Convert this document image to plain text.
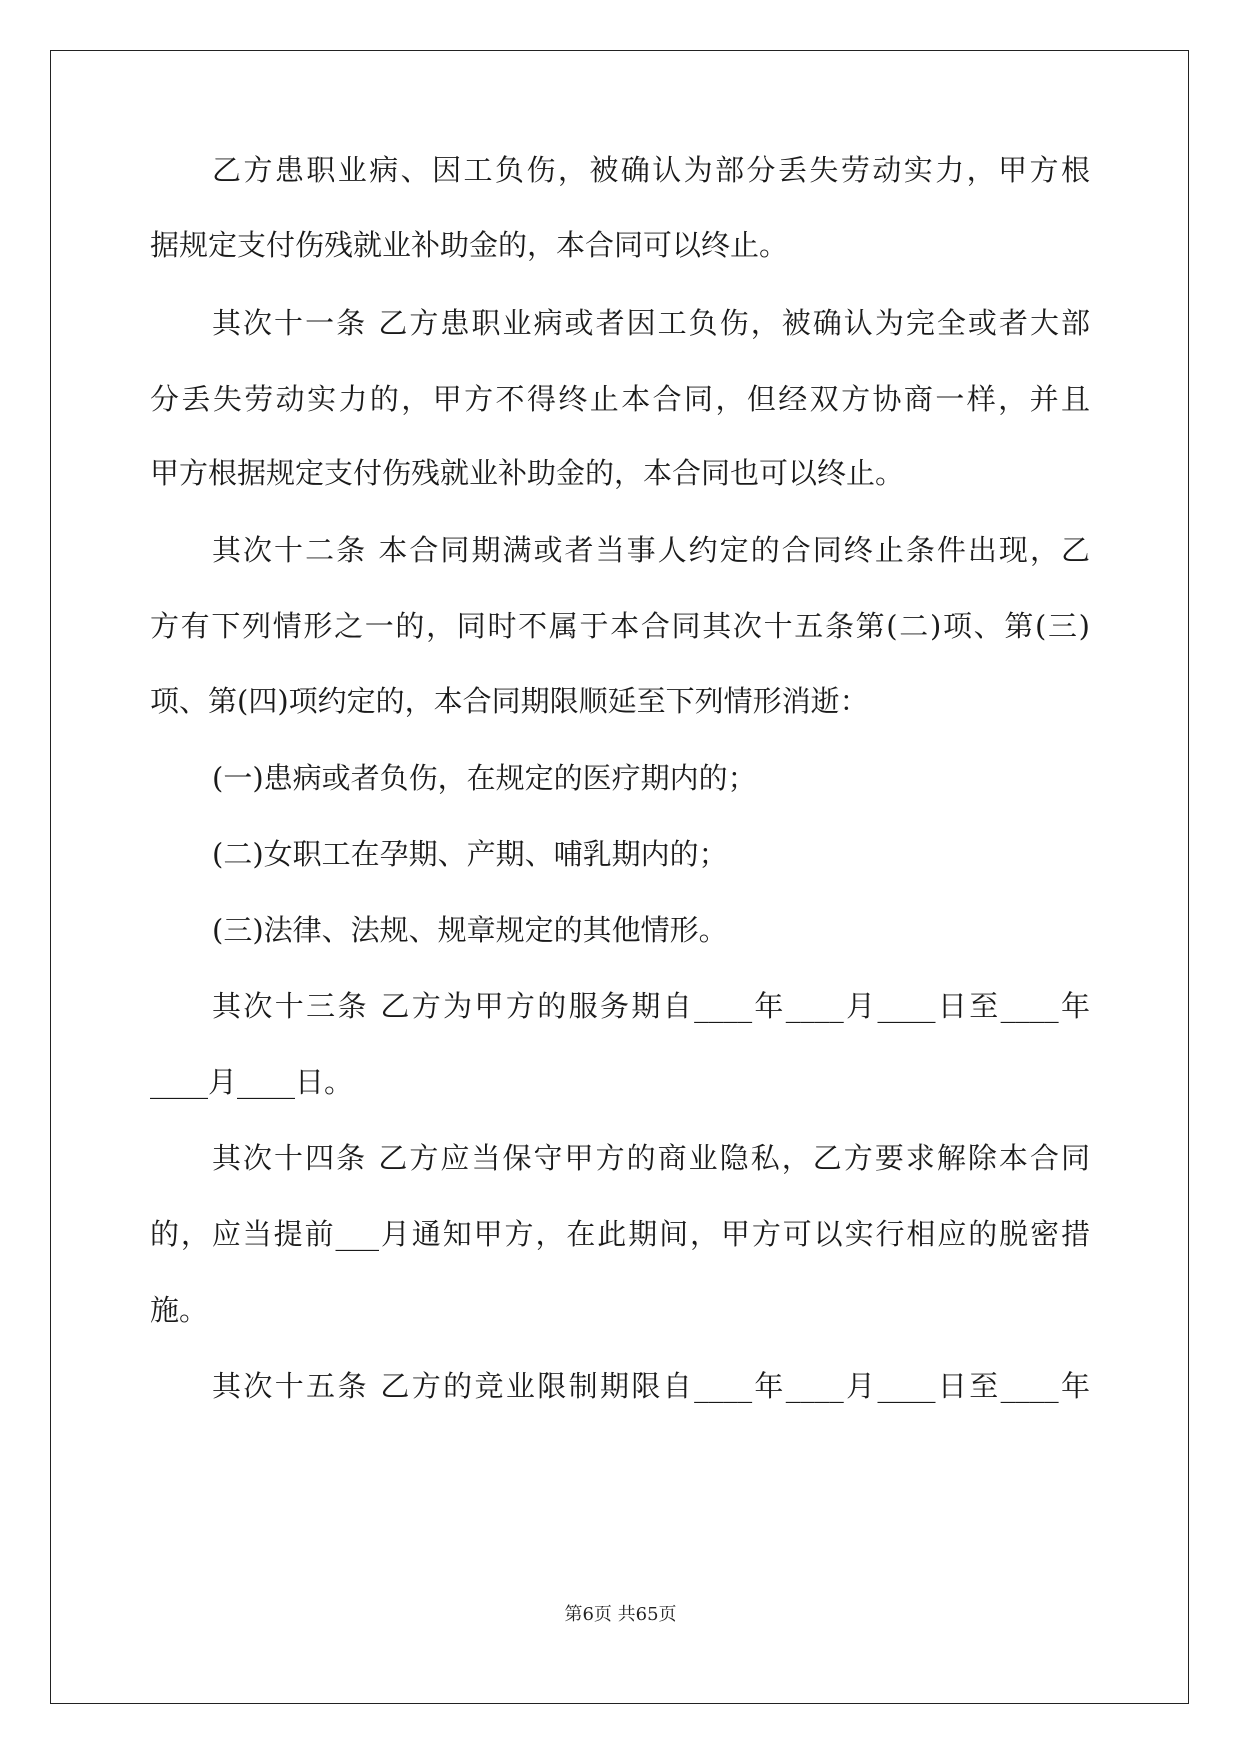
乙方患职业病、因工负伤，被确认为部分丢失劳动实力，甲方根
据规定支付伤残就业补助金的，本合同可以终止。
其次十一条 乙方患职业病或者因工负伤，被确认为完全或者大部
分丢失劳动实力的，甲方不得终止本合同，但经双方协商一样，并且
甲方根据规定支付伤残就业补助金的，本合同也可以终止。
其次十二条 本合同期满或者当事人约定的合同终止条件出现，乙
方有下列情形之一的，同时不属于本合同其次十五条第(二)项、第(三)
项、第(四)项约定的，本合同期限顺延至下列情形消逝：
(一)患病或者负伤，在规定的医疗期内的；
(二)女职工在孕期、产期、哺乳期内的；
(三)法律、法规、规章规定的其他情形。
其次十三条 乙方为甲方的服务期自____年____月____日至____年
____月____日。
其次十四条 乙方应当保守甲方的商业隐私，乙方要求解除本合同
的，应当提前___月通知甲方，在此期间，甲方可以实行相应的脱密措
施。
其次十五条 乙方的竞业限制期限自____年____月____日至____年
第6页 共65页
